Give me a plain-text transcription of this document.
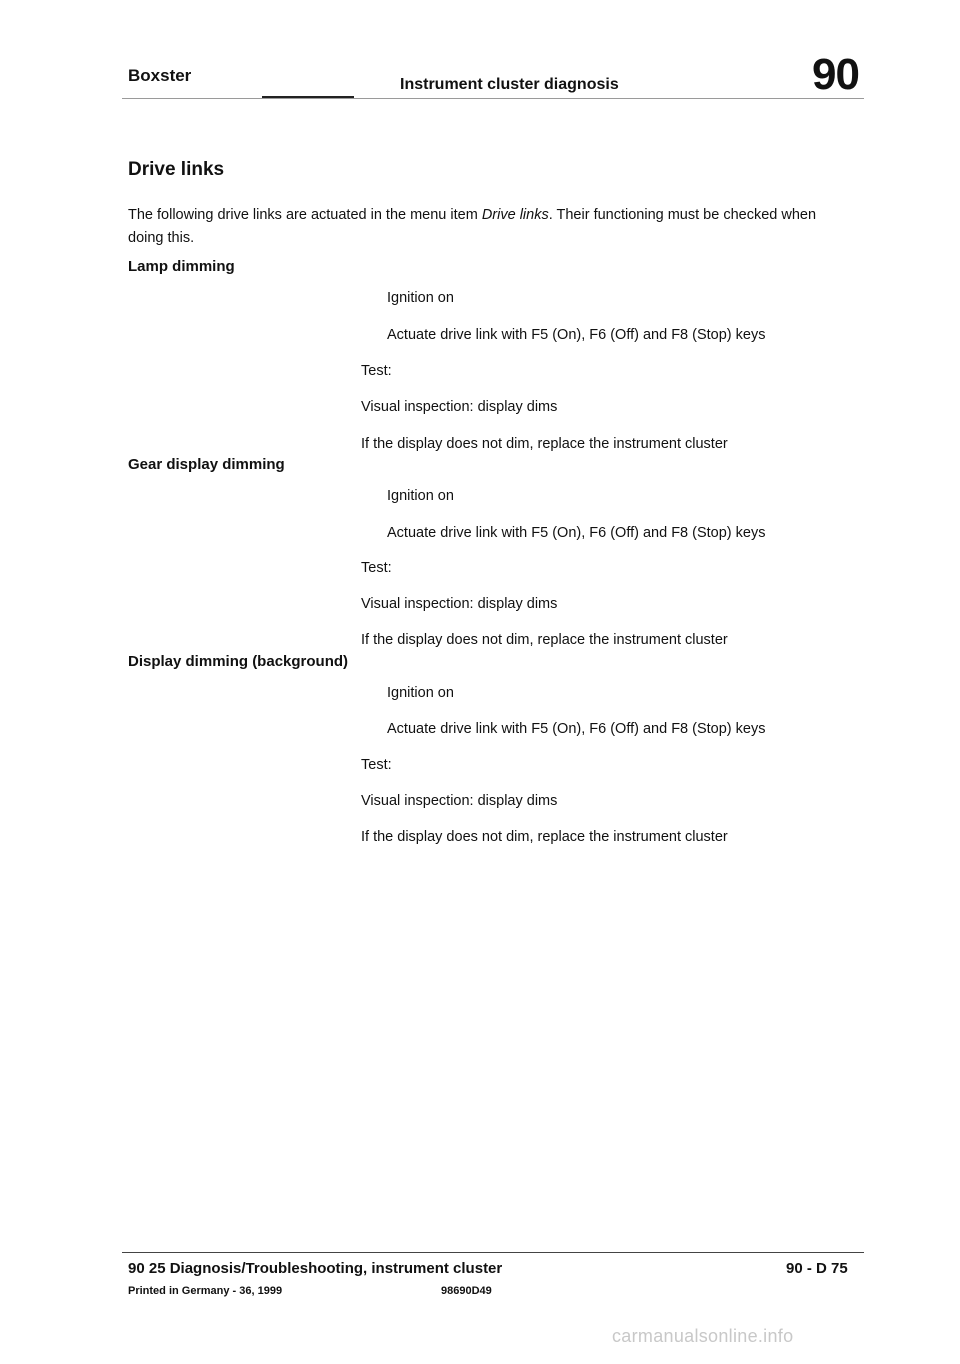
Boxster	Instrument cluster diagnosis	90
Drive links
The following drive links are actuated in the menu item Drive links. Their functioning must be checked when doing this.
Lamp dimming
Ignition on
Actuate drive link with F5 (On), F6 (Off) and F8 (Stop) keys
Test:
Visual inspection: display dims
If the display does not dim, replace the instrument cluster
Gear display dimming
Ignition on
Actuate drive link with F5 (On), F6 (Off) and F8 (Stop) keys
Test:
Visual inspection: display dims
If the display does not dim, replace the instrument cluster
Display dimming (background)
Ignition on
Actuate drive link with F5 (On), F6 (Off) and F8 (Stop) keys
Test:
Visual inspection: display dims
If the display does not dim, replace the instrument cluster
90 25 Diagnosis/Troubleshooting, instrument cluster	90 - D 75
Printed in Germany - 36, 1999	98690D49
carmanualsonline.info
